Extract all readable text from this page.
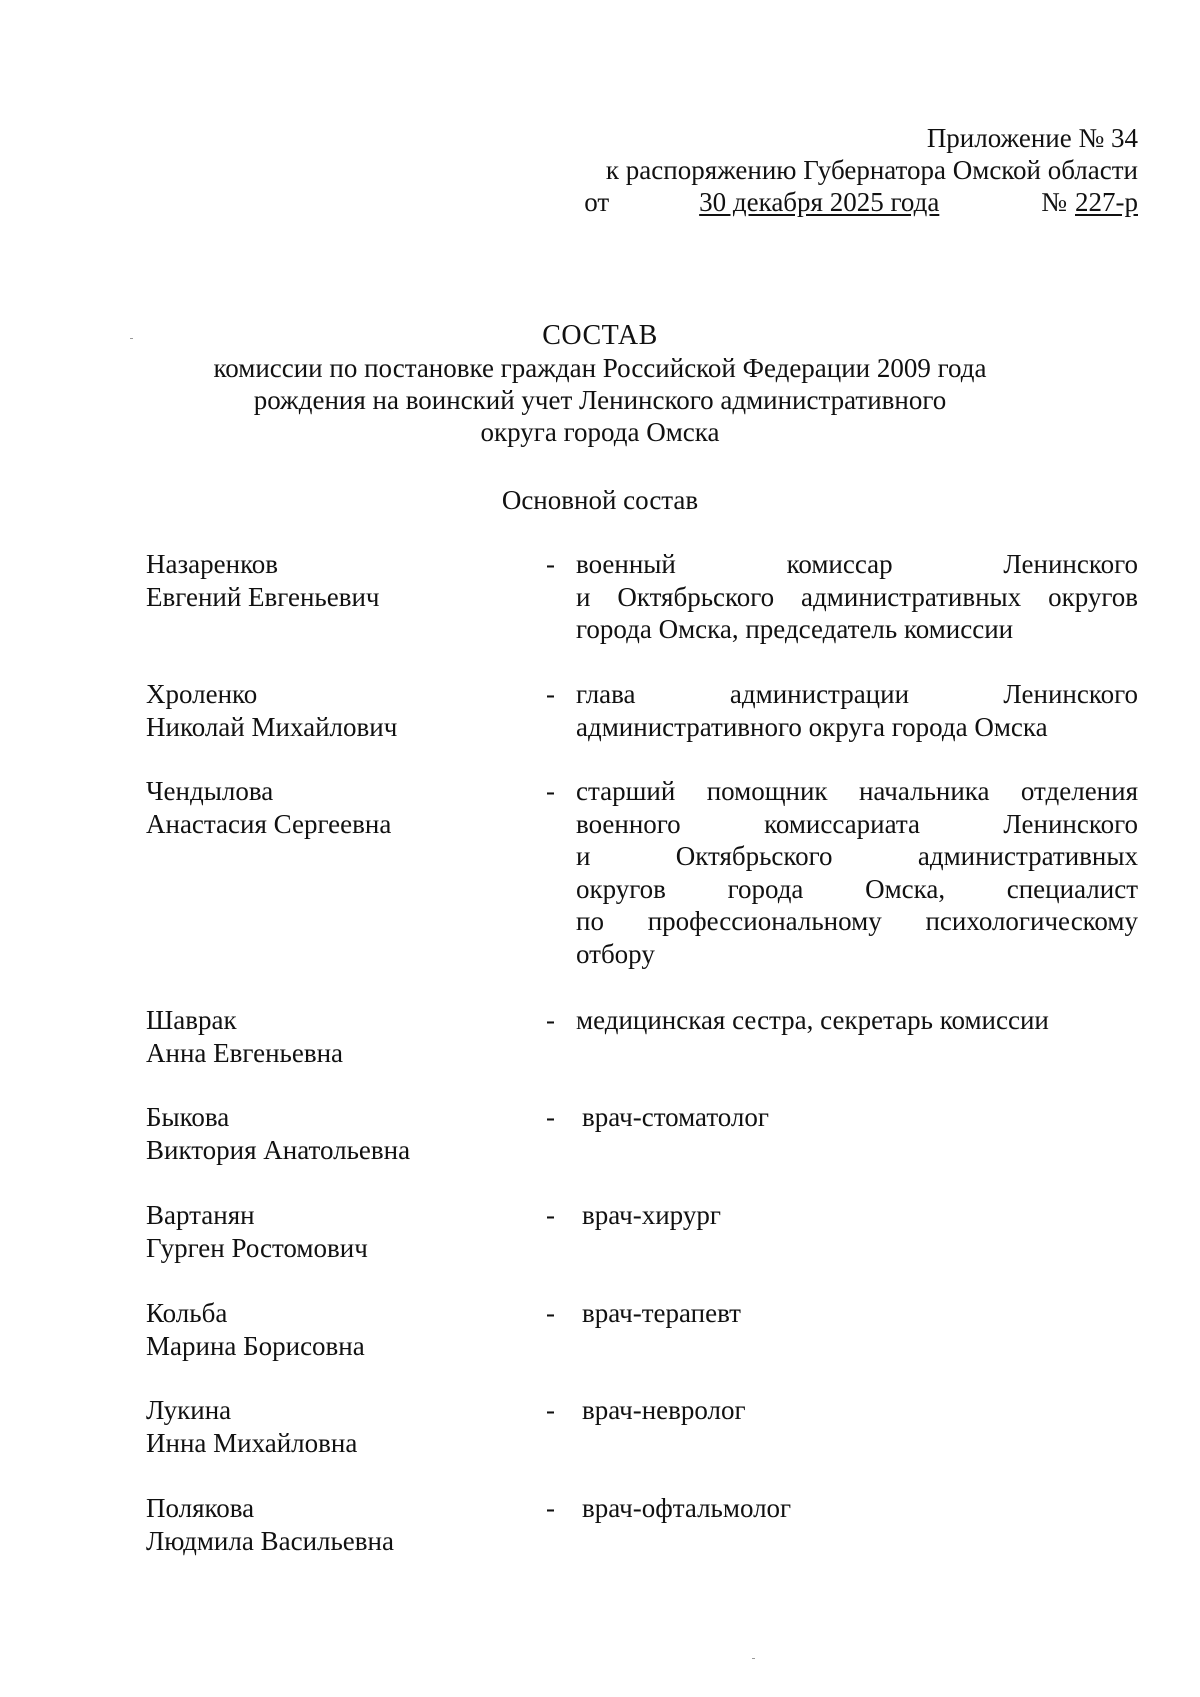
Приложение № 34
к распоряжению Губернатора Омской области
от	30 декабря 2025 года	№ 227-р
СОСТАВ
комиссии по постановке граждан Российской Федерации 2009 года
рождения на воинский учет Ленинского административного
округа города Омска
Основной состав
Назаренков
Евгений Евгеньевич
- военный комиссар Ленинского
и Октябрьского административных округов
города Омска, председатель комиссии
Хроленко
Николай Михайлович
- глава администрации Ленинского
административного округа города Омска
Чендылова
Анастасия Сергеевна
- старший помощник начальника отделения
военного комиссариата Ленинского
и Октябрьского административных
округов города Омска, специалист
по профессиональному психологическому
отбору
Шаврак
Анна Евгеньевна
- медицинская сестра, секретарь комиссии
Быкова
Виктория Анатольевна
- врач-стоматолог
Вартанян
Гурген Ростомович
- врач-хирург
Кольба
Марина Борисовна
- врач-терапевт
Лукина
Инна Михайловна
- врач-невролог
Полякова
Людмила Васильевна
- врач-офтальмолог
